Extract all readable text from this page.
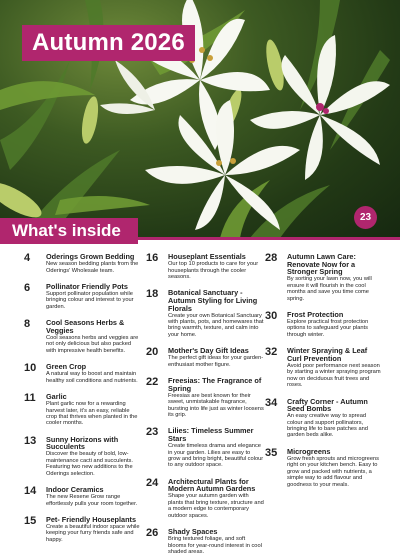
Autumn 2026
23
What's inside
4	Oderings Grown Bedding
New season bedding plants from the Oderings' Wholesale team.
6	Pollinator Friendly Pots
Support pollinator population while bringing colour and interest to your garden.
8	Cool Seasons Herbs & Veggies
Cool seasons herbs and veggies are not only delicious but also packed with impressive health benefits.
10	Green Crop
A natural way to boost and maintain healthy soil conditions and nutrients.
11	Garlic
Plant garlic now for a rewarding harvest later, it's an easy, reliable crop that thrives when planted in the cooler months.
13	Sunny Horizons with Succulents
Discover the beauty of bold, low-maintenance cacti and succulents. Featuring two new additions to the Oderings selection.
14	Indoor Ceramics
The new Resene Grow range effortlessly pulls your room together.
15	Pet- Friendly Houseplants
Create a beautiful indoor space while keeping your furry friends safe and happy.
16	Houseplant Essentials
Our top 10 products to care for your houseplants through the cooler seasons.
18	Botanical Sanctuary - Autumn Styling for Living Florals
Create your own Botanical Sanctuary with plants, pots, and homewares that bring warmth, texture, and calm into your home.
20	Mother's Day Gift Ideas
The perfect gift ideas for your garden-enthusiast mother figure.
22	Freesias: The Fragrance of Spring
Freesias are best known for their sweet, unmistakable fragrance, bursting into life just as winter loosens its grip.
23	Lilies: Timeless Summer Stars
Create timeless drama and elegance in your garden. Lilies are easy to grow and bring bright, beautiful colour to any outdoor space.
24	Architectural Plants for Modern Autumn Gardens
Shape your autumn garden with plants that bring texture, structure and a modern edge to contemporary outdoor spaces.
26	Shady Spaces
Bring textured foliage, and soft blooms for year-round interest in cool shaded areas.
28	Autumn Lawn Care: Renovate Now for a Stronger Spring
By sorting your lawn now, you will ensure it will flourish in the cool months and save you time come spring.
30	Frost Protection
Explore practical frost protection options to safeguard your plants through winter.
32	Winter Spraying & Leaf Curl Prevention
Avoid poor performance next season by starting a winter spraying program now on deciduous fruit trees and roses.
34	Crafty Corner - Autumn Seed Bombs
An easy creative way to spread colour and support pollinators, bringing life to bare patches and garden beds alike.
35	Microgreens
Grow fresh sprouts and microgreens right on your kitchen bench. Easy to grow and packed with nutrients, a simple way to add flavour and goodness to your meals.
